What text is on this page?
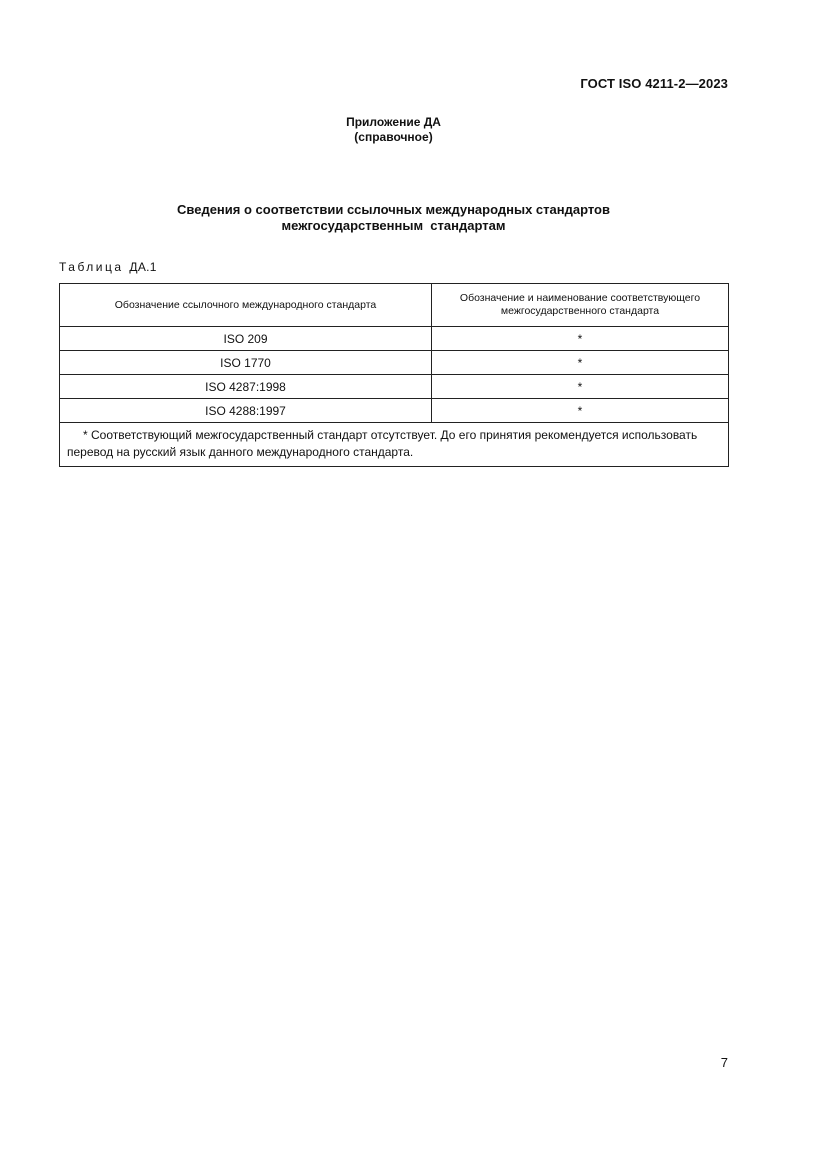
ГОСТ ISO 4211-2—2023
Приложение ДА
(справочное)
Сведения о соответствии ссылочных международных стандартов
межгосударственным  стандартам
Таблица ДА.1
Обозначение ссылочного международного стандарта	Обозначение и наименование соответствующего межгосударственного стандарта

ISO 209	*
ISO 1770	*
ISO 4287:1998	*
ISO 4288:1997	*
* Соответствующий межгосударственный стандарт отсутствует. До его принятия рекомендуется использовать перевод на русский язык данного международного стандарта.	
7
